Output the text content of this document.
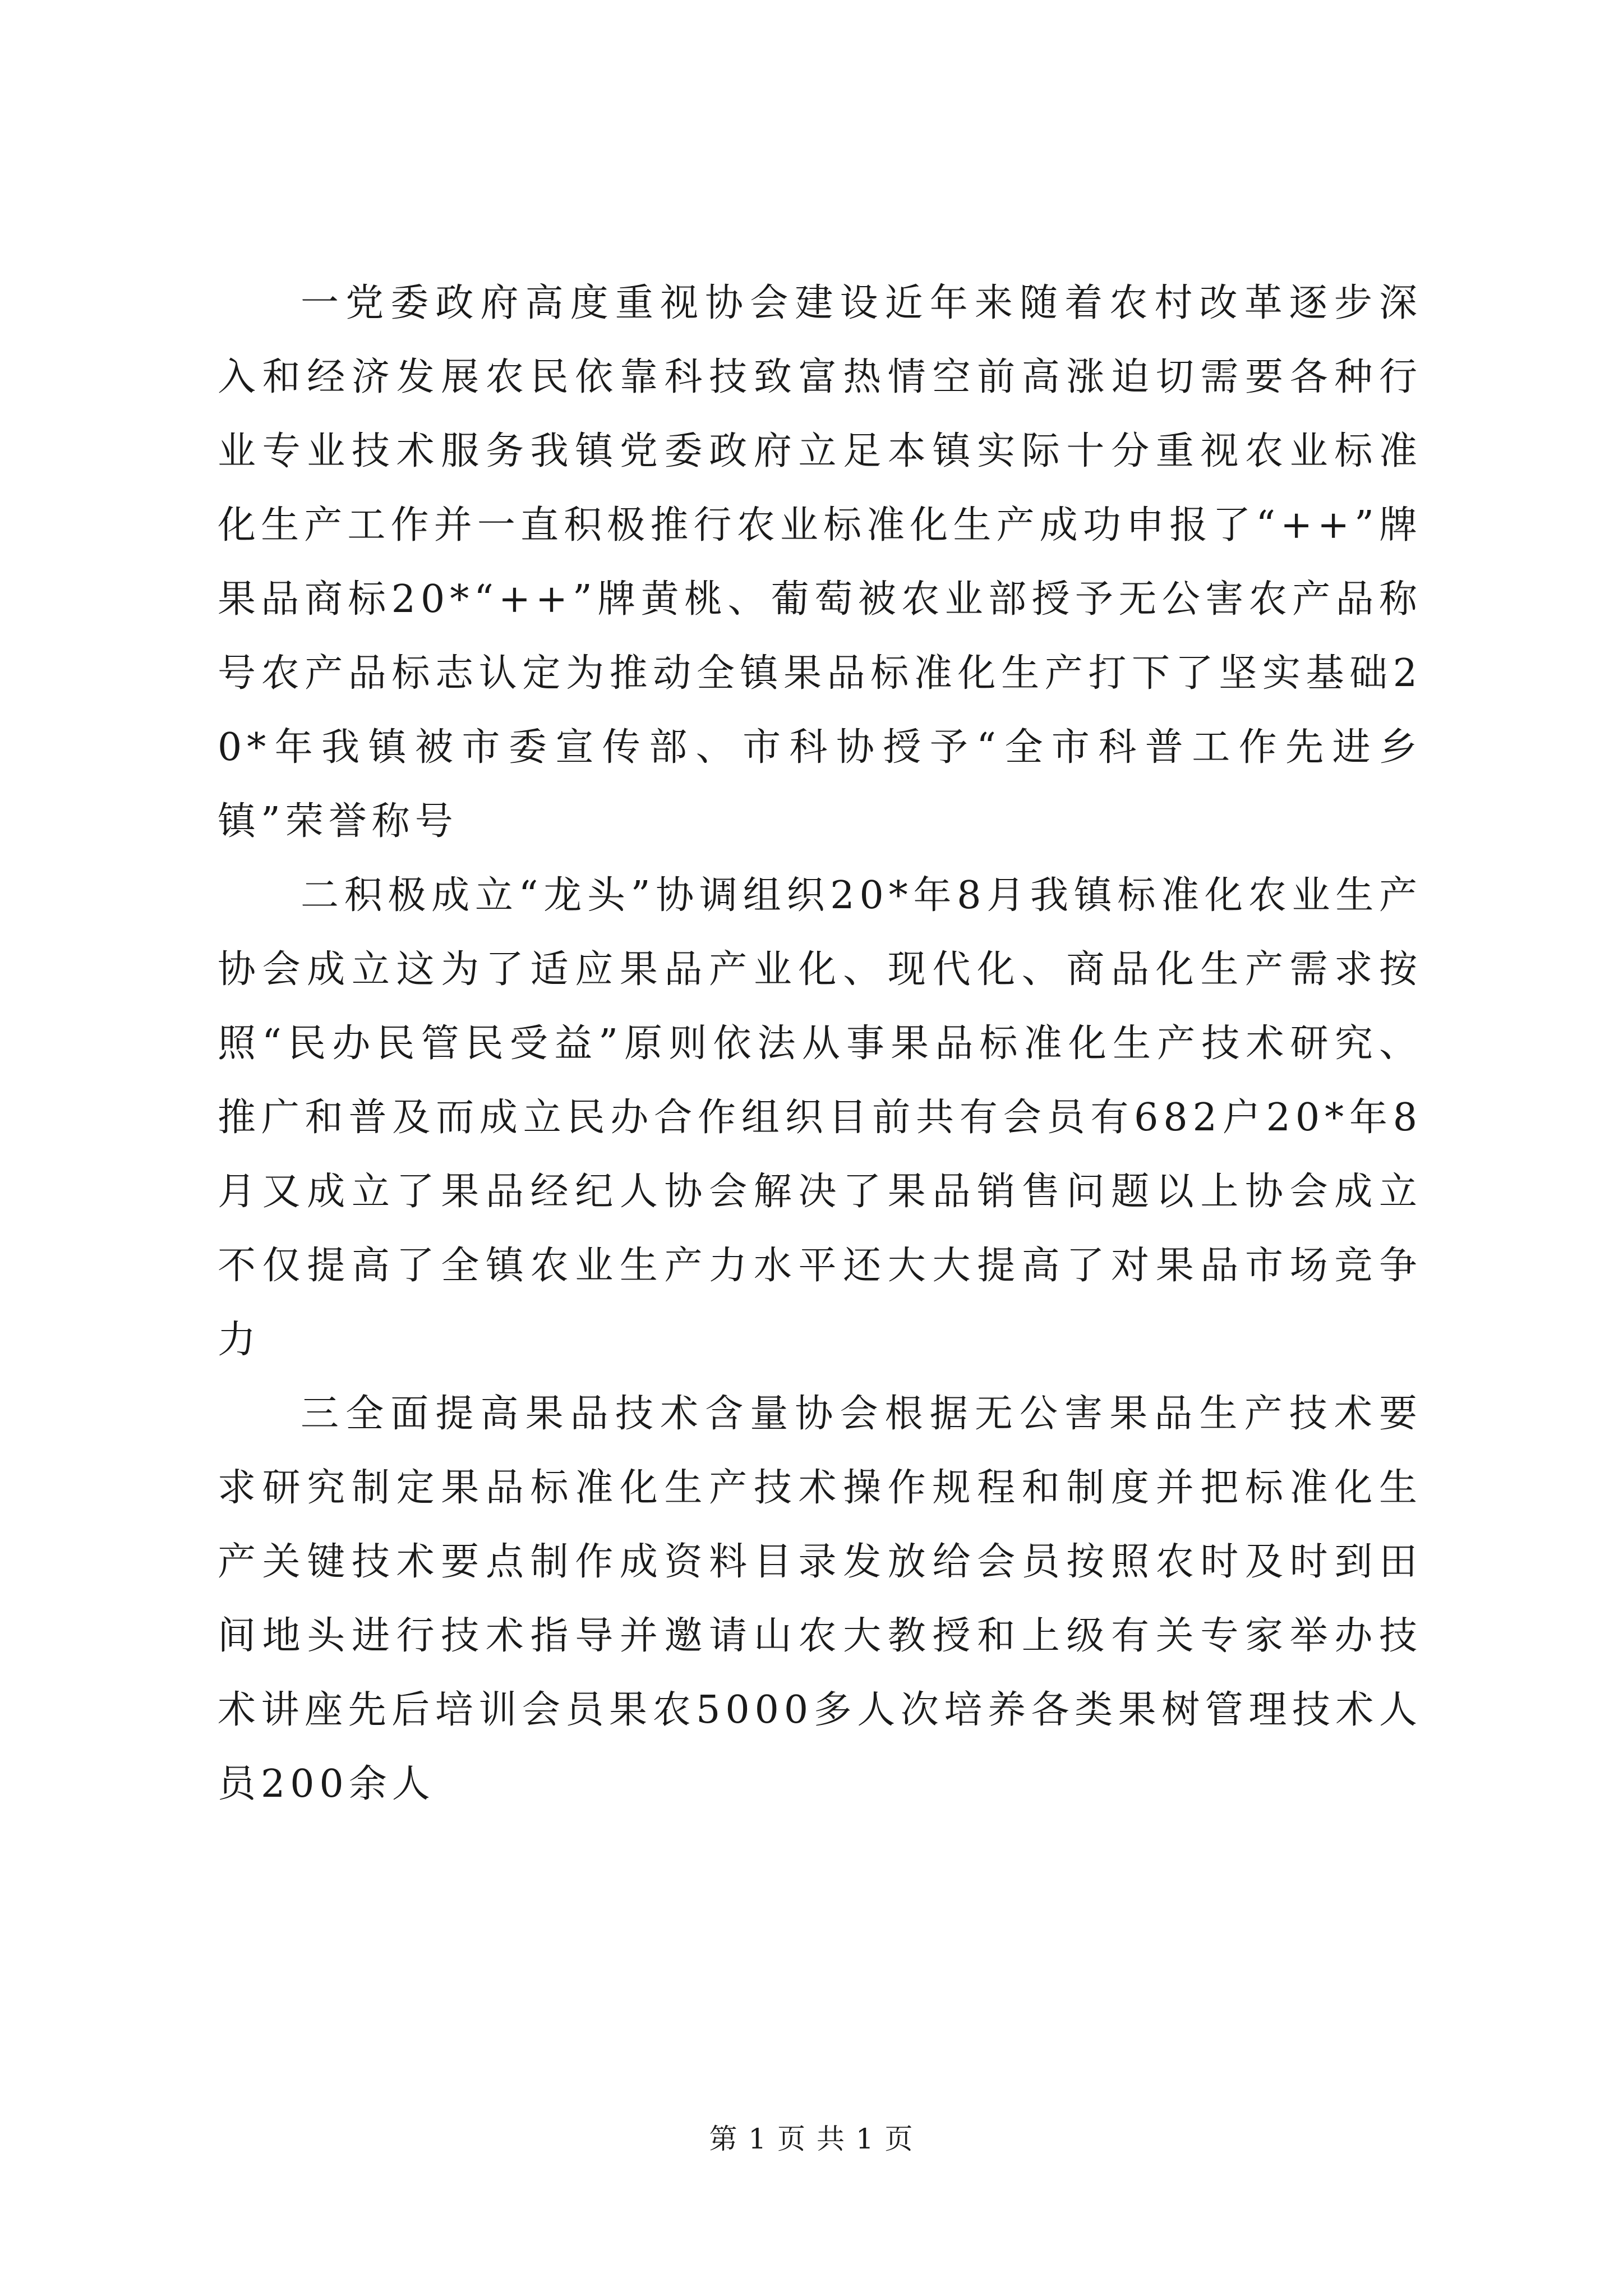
一党委政府高度重视协会建设近年来随着农村改革逐步深入和经济发展农民依靠科技致富热情空前高涨迫切需要各种行业专业技术服务我镇党委政府立足本镇实际十分重视农业标准化生产工作并一直积极推行农业标准化生产成功申报了“++”牌果品商标20*“++”牌黄桃、葡萄被农业部授予无公害农产品称号农产品标志认定为推动全镇果品标准化生产打下了坚实基础20*年我镇被市委宣传部、市科协授予“全市科普工作先进乡镇”荣誉称号

二积极成立“龙头”协调组织20*年8月我镇标准化农业生产协会成立这为了适应果品产业化、现代化、商品化生产需求按照“民办民管民受益”原则依法从事果品标准化生产技术研究、推广和普及而成立民办合作组织目前共有会员有682户20*年8月又成立了果品经纪人协会解决了果品销售问题以上协会成立不仅提高了全镇农业生产力水平还大大提高了对果品市场竞争力

三全面提高果品技术含量协会根据无公害果品生产技术要求研究制定果品标准化生产技术操作规程和制度并把标准化生产关键技术要点制作成资料目录发放给会员按照农时及时到田间地头进行技术指导并邀请山农大教授和上级有关专家举办技术讲座先后培训会员果农5000多人次培养各类果树管理技术人员200余人

第 1 页 共 1 页
